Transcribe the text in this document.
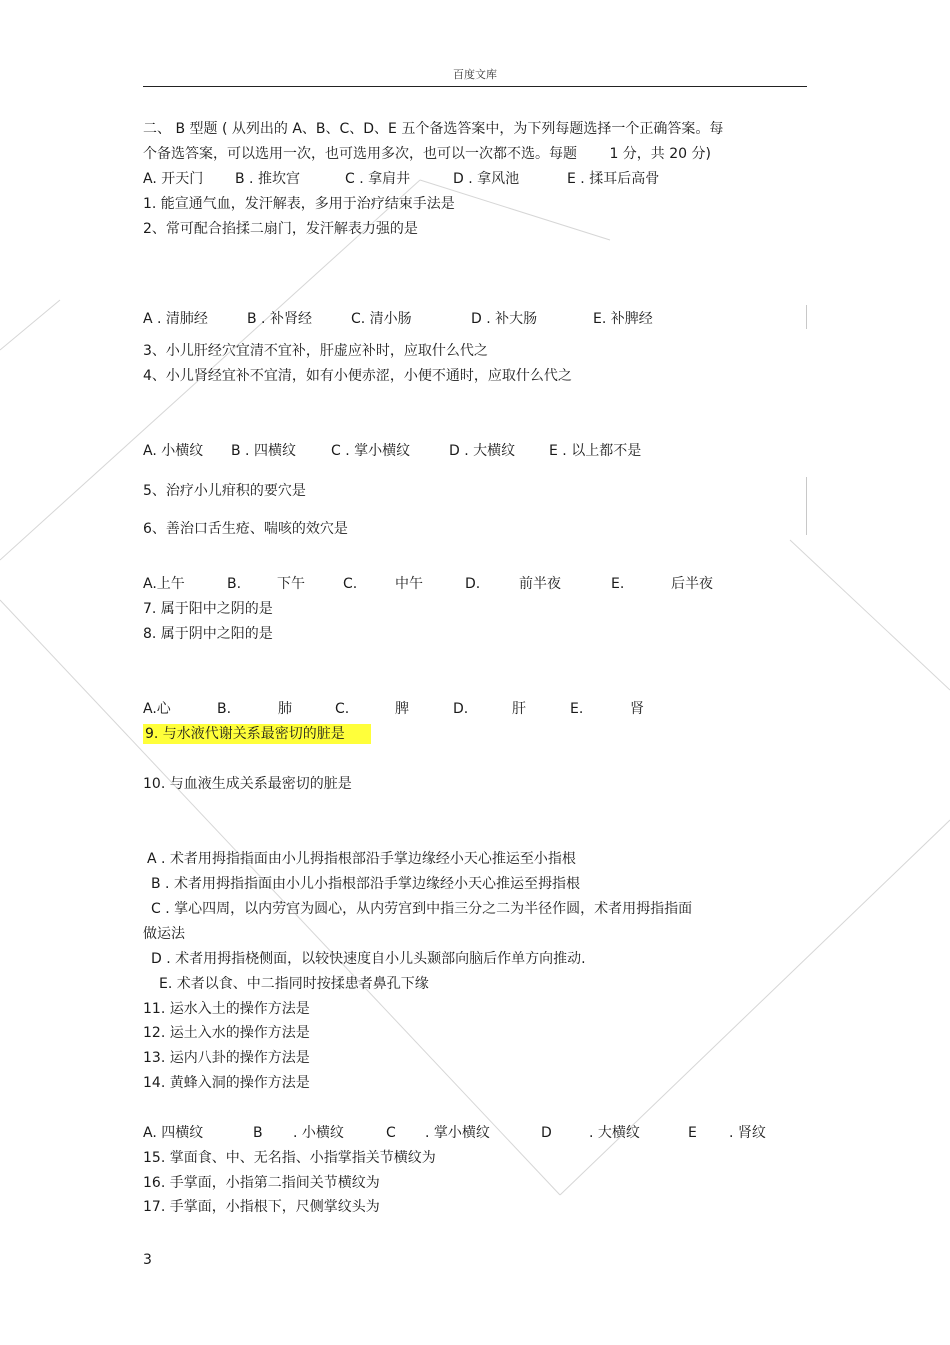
百度文库
二、 B 型题 ( 从列出的 A、B、C、D、E 五个备选答案中，为下列每题选择一个正确答案。每
个备选答案，可以选用一次，也可选用多次，也可以一次都不选。每题 　　1 分，共 20 分)
A. 开天门 B . 推坎宫	C . 拿肩井	D . 拿风池	E . 揉耳后高骨
1. 能宣通气血，发汗解表，多用于治疗结束手法是
2、常可配合掐揉二扇门，发汗解表力强的是
A . 清肺经	B . 补肾经	C. 清小肠	D . 补大肠	E. 补脾经
3、小儿肝经穴宜清不宜补，肝虚应补时，应取什么代之
4、小儿肾经宜补不宜清，如有小便赤涩，小便不通时，应取什么代之
A. 小横纹 B . 四横纹	C . 掌小横纹	D . 大横纹 E . 以上都不是
5、治疗小儿疳积的要穴是
6、善治口舌生疮、喘咳的效穴是
A.上午	B.	下午	C.	中午	D.	前半夜	E.	后半夜
7. 属于阳中之阴的是
8. 属于阴中之阳的是
A.心	B.	肺	C.	脾	D.	肝	E.	肾
9. 与水液代谢关系最密切的脏是
10. 与血液生成关系最密切的脏是
A . 术者用拇指指面由小儿拇指根部沿手掌边缘经小天心推运至小指根
B . 术者用拇指指面由小儿小指根部沿手掌边缘经小天心推运至拇指根
C . 掌心四周，以内劳宫为圆心，从内劳宫到中指三分之二为半径作圆，术者用拇指指面
做运法
D . 术者用拇指桡侧面，以较快速度自小儿头颞部向脑后作单方向推动.
E. 术者以食、中二指同时按揉患者鼻孔下缘
11. 运水入土的操作方法是
12. 运土入水的操作方法是
13. 运内八卦的操作方法是
14. 黄蜂入洞的操作方法是
A. 四横纹	B . 小横纹	C . 掌小横纹	D	. 大横纹	E . 肾纹
15. 掌面食、中、无名指、小指掌指关节横纹为
16. 手掌面，小指第二指间关节横纹为
17. 手掌面，小指根下，尺侧掌纹头为
3
